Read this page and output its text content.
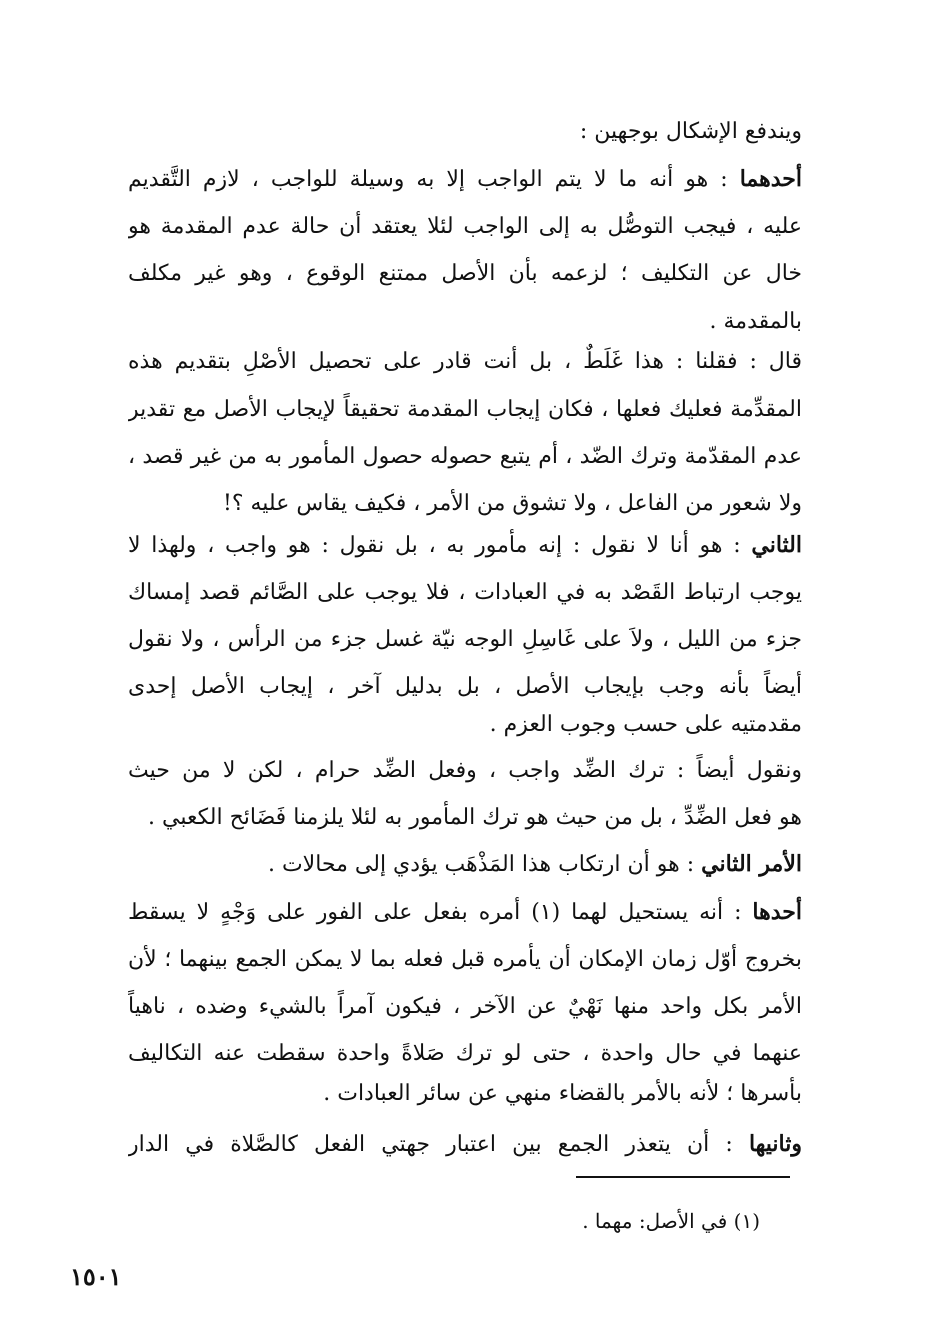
ويندفع الإشكال بوجهين :

أحدهما : هو أنه ما لا يتم الواجب إلا به وسيلة للواجب ، لازم التَّقديم

عليه ، فيجب التوصُّل به إلى الواجب لئلا يعتقد أن حالة عدم المقدمة هو

خال عن التكليف ؛ لزعمه بأن الأصل ممتنع الوقوع ، وهو غير مكلف

بالمقدمة .

قال : فقلنا : هذا غَلَطٌ ، بل أنت قادر على تحصيل الأصْلِ بتقديم هذه

المقدِّمة فعليك فعلها ، فكان إيجاب المقدمة تحقيقاً لإيجاب الأصل مع تقدير

عدم المقدّمة وترك الضّد ، أم يتبع حصوله حصول المأمور به من غير قصد ،

ولا شعور من الفاعل ، ولا تشوق من الأمر ، فكيف يقاس عليه ؟!

الثاني : هو أنا لا نقول : إنه مأمور به ، بل نقول : هو واجب ، ولهذا لا

يوجب ارتباط القَصْد به في العبادات ، فلا يوجب على الصَّائم قصد إمساك

جزء من الليل ، ولاَ على غَاسِلِ الوجه نيّة غسل جزء من الرأس ، ولا نقول

أيضاً بأنه وجب بإيجاب الأصل ، بل بدليل آخر ، إيجاب الأصل إحدى

مقدمتيه على حسب وجوب العزم .

ونقول أيضاً : ترك الضِّد واجب ، وفعل الضِّد حرام ، لكن لا من حيث

هو فعل الضِّدِّ ، بل من حيث هو ترك المأمور به لئلا يلزمنا فَضَائح الكعبي .

الأمر الثاني : هو أن ارتكاب هذا المَذْهَب يؤدي إلى محالات .

أحدها : أنه يستحيل لهما (١) أمره بفعل على الفور على وَجْهٍ لا يسقط

بخروج أوّل زمان الإمكان أن يأمره قبل فعله بما لا يمكن الجمع بينهما ؛ لأن

الأمر بكل واحد منها نَهْيٌ عن الآخر ، فيكون آمراً بالشيء وضده ، ناهياً

عنهما في حال واحدة ، حتى لو ترك صَلاةً واحدة سقطت عنه التكاليف

بأسرها ؛ لأنه بالأمر بالقضاء منهي عن سائر العبادات .

وثانيها : أن يتعذر الجمع بين اعتبار جهتي الفعل كالصَّلاة في الدار

(١) في الأصل: مهما .

١٥٠١
